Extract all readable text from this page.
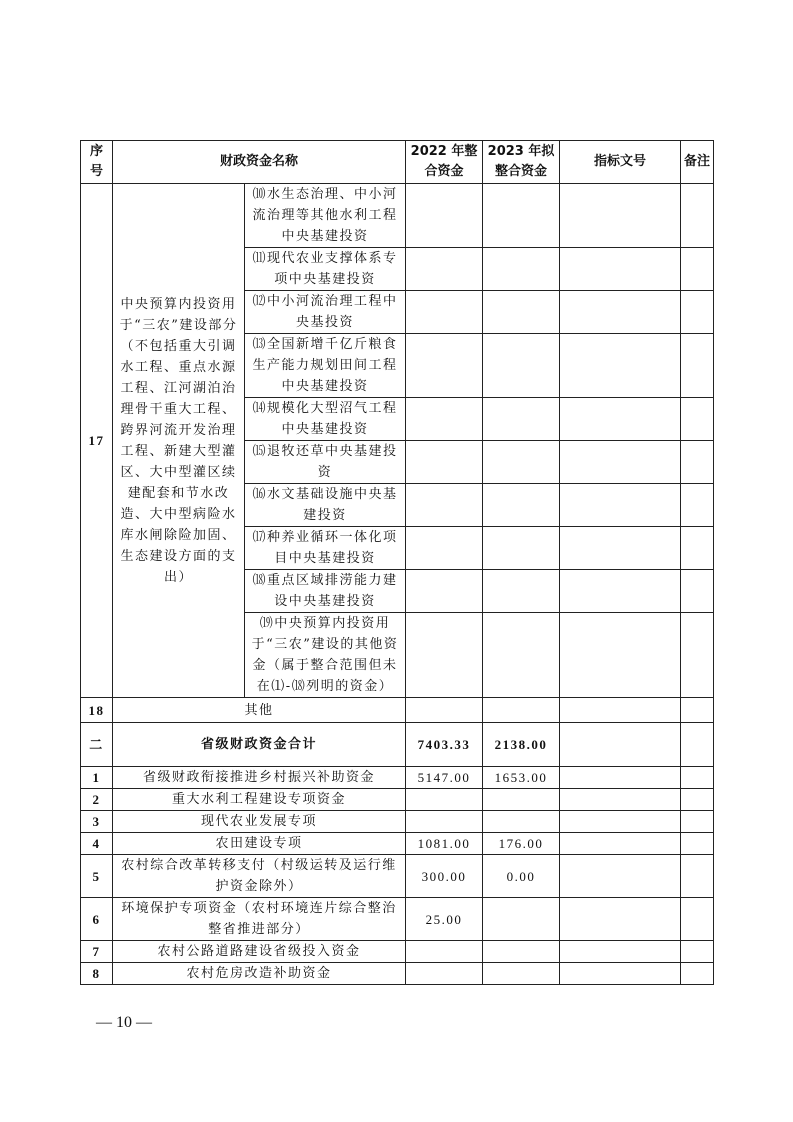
序号	财政资金名称		2022 年整合资金	2023 年拟整合资金	指标文号	备注
17	中央预算内投资用于“三农”建设部分（不包括重大引调水工程、重点水源工程、江河湖泊治理骨干重大工程、跨界河流开发治理工程、新建大型灌区、大中型灌区续建配套和节水改造、大中型病险水库水闸除险加固、生态建设方面的支出）	⑽水生态治理、中小河流治理等其他水利工程中央基建投资				
		⑾现代农业支撑体系专项中央基建投资				
		⑿中小河流治理工程中央基投资				
		⒀全国新增千亿斤粮食生产能力规划田间工程中央基建投资				
		⒁规模化大型沼气工程中央基建投资				
		⒂退牧还草中央基建投资				
		⒃水文基础设施中央基建投资				
		⒄种养业循环一体化项目中央基建投资				
		⒅重点区域排涝能力建设中央基建投资				
		⒆中央预算内投资用于“三农”建设的其他资金（属于整合范围但未在⑴-⒅列明的资金）				
18	其他					
二	省级财政资金合计		7403.33	2138.00		
1	省级财政衔接推进乡村振兴补助资金		5147.00	1653.00		
2	重大水利工程建设专项资金					
3	现代农业发展专项					
4	农田建设专项		1081.00	176.00		
5	农村综合改革转移支付（村级运转及运行维护资金除外）		300.00	0.00		
6	环境保护专项资金（农村环境连片综合整治整省推进部分）		25.00			
7	农村公路道路建设省级投入资金					
8	农村危房改造补助资金					
— 10 —
